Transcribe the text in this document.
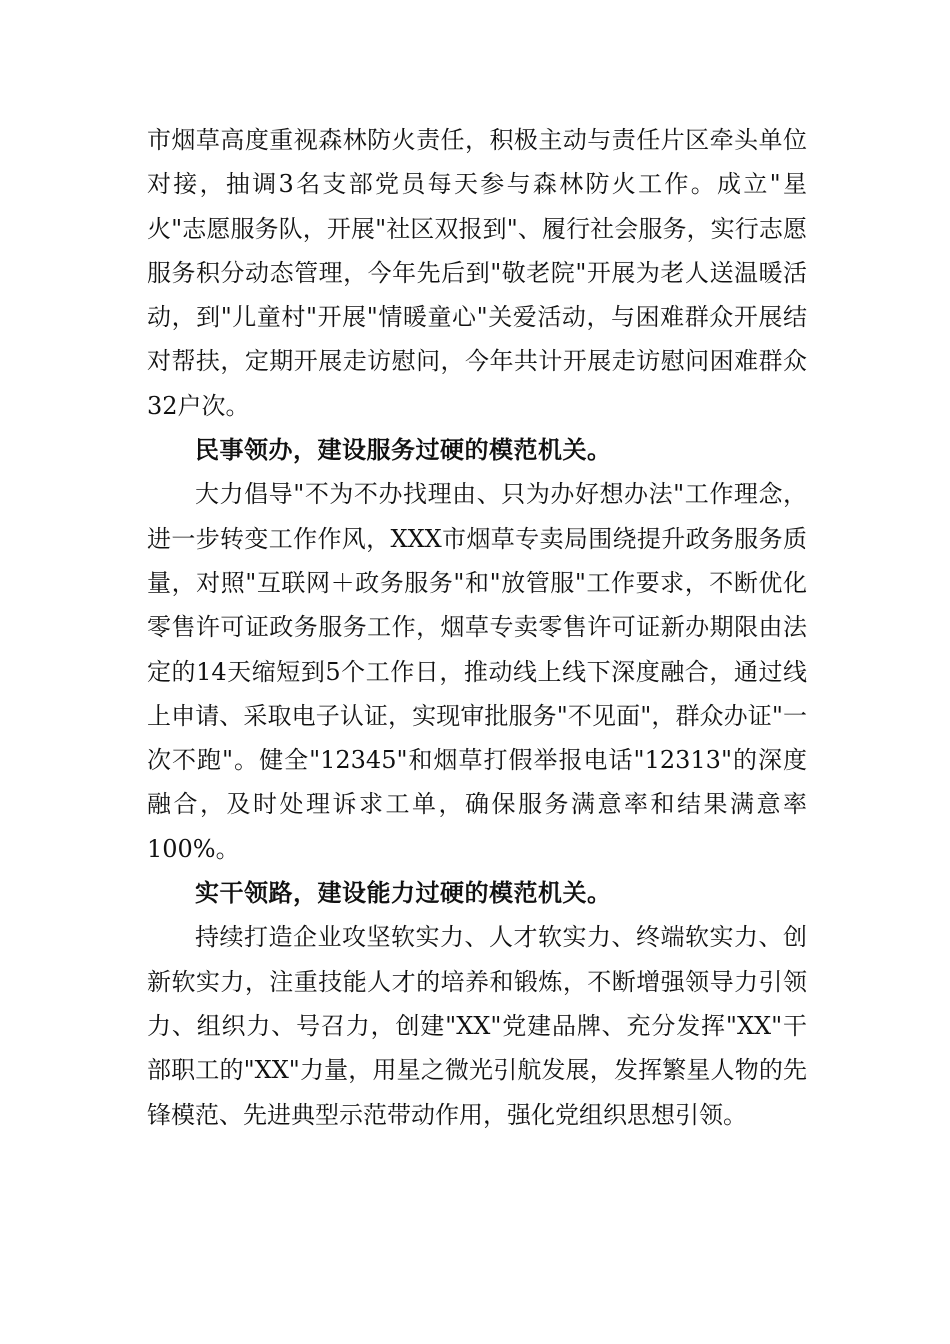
市烟草高度重视森林防火责任，积极主动与责任片区牵头单位对接，抽调3名支部党员每天参与森林防火工作。成立"星火"志愿服务队，开展"社区双报到"、履行社会服务，实行志愿服务积分动态管理，今年先后到"敬老院"开展为老人送温暖活动，到"儿童村"开展"情暖童心"关爱活动，与困难群众开展结对帮扶，定期开展走访慰问，今年共计开展走访慰问困难群众32户次。

民事领办，建设服务过硬的模范机关。

大力倡导"不为不办找理由、只为办好想办法"工作理念，进一步转变工作作风，XXX市烟草专卖局围绕提升政务服务质量，对照"互联网＋政务服务"和"放管服"工作要求，不断优化零售许可证政务服务工作，烟草专卖零售许可证新办期限由法定的14天缩短到5个工作日，推动线上线下深度融合，通过线上申请、采取电子认证，实现审批服务"不见面"，群众办证"一次不跑"。健全"12345"和烟草打假举报电话"12313"的深度融合，及时处理诉求工单，确保服务满意率和结果满意率100%。

实干领路，建设能力过硬的模范机关。

持续打造企业攻坚软实力、人才软实力、终端软实力、创新软实力，注重技能人才的培养和锻炼，不断增强领导力引领力、组织力、号召力，创建"XX"党建品牌、充分发挥"XX"干部职工的"XX"力量，用星之微光引航发展，发挥繁星人物的先锋模范、先进典型示范带动作用，强化党组织思想引领。
